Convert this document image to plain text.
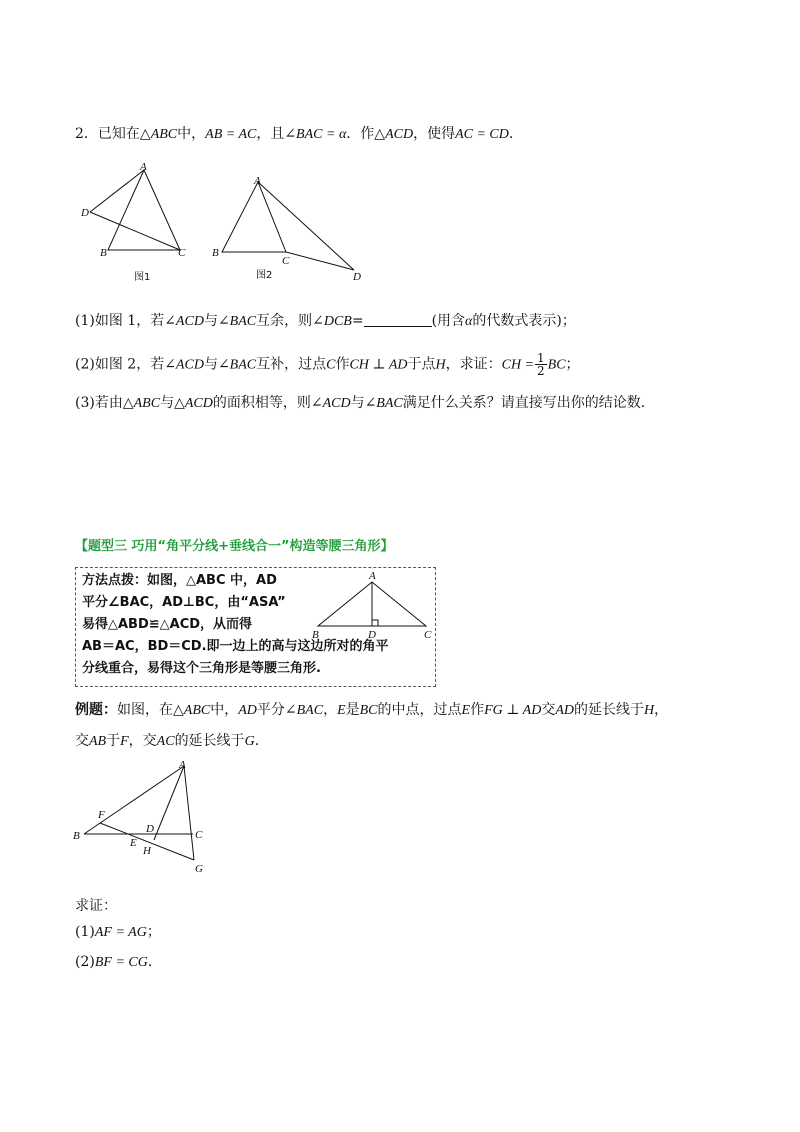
2．已知在△ABC中，AB = AC，且∠BAC = α．作△ACD，使得AC = CD．
A
D
B	C
图1
A
B
C
D
图2
(1)如图 1，若∠ACD与∠BAC互余，则∠DCB=	(用含α的代数式表示)；
(2)如图 2，若∠ACD与∠BAC互补，过点C作CH ⊥ AD于点H，求证：CH = $\frac{1}{2}$ BC；
(3)若由△ABC与△ACD的面积相等，则∠ACD与∠BAC满足什么关系？请直接写出你的结论数．
【题型三 巧用“角平分线+垂线合一”构造等腰三角形】
方法点拨：如图，△ABC 中，AD
平分∠BAC，AD⊥BC，由“ASA”
易得△ABD≌△ACD，从而得
AB＝AC，BD＝CD.即一边上的高与这边所对的角平
分线重合，易得这个三角形是等腰三角形.
A
B	D	C
例题：如图，在△ABC中，AD平分∠BAC，E是BC的中点，过点E作FG ⊥ AD交AD的延长线于H，
交AB于F，交AC的延长线于G．
A
F
D
B
E
H
C
G
求证：
(1)AF = AG；
(2)BF = CG．
